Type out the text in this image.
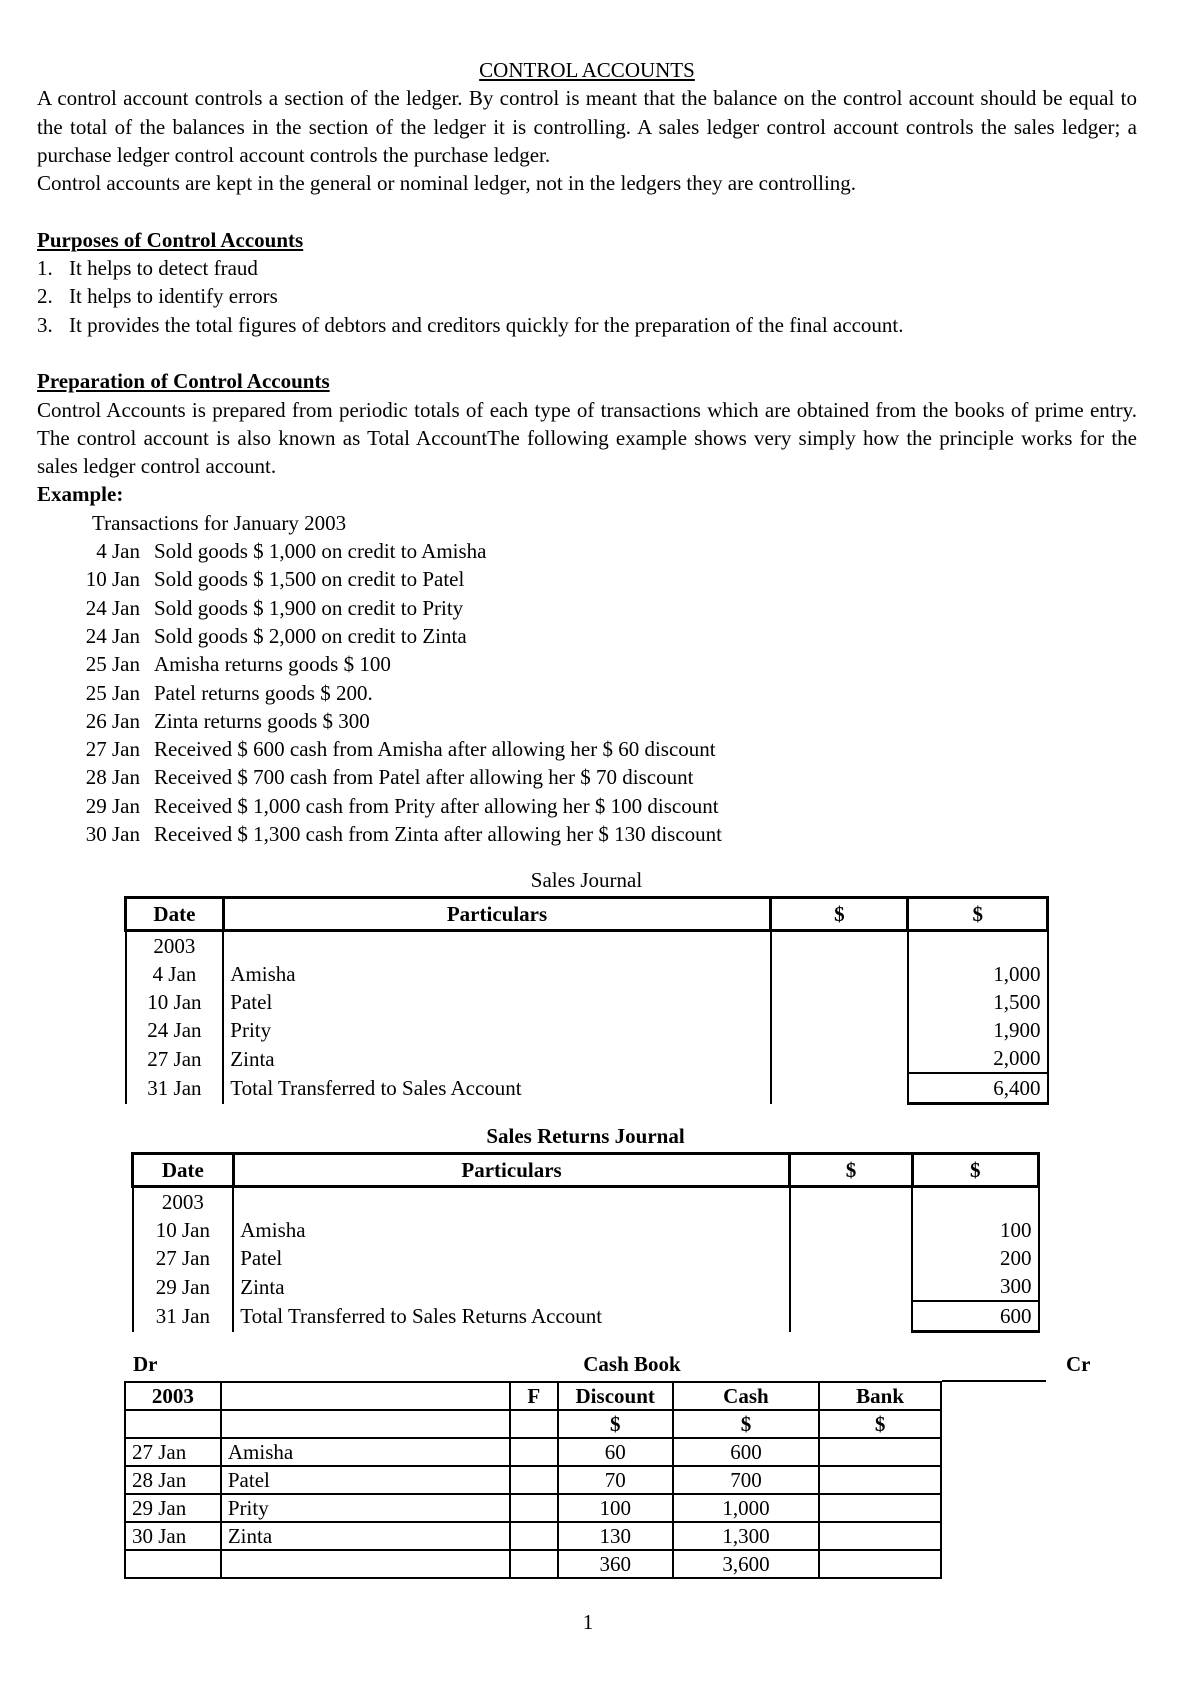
CONTROL ACCOUNTS
A control account controls a section of the ledger. By control is meant that the balance on the control account should be equal to the total of the balances in the section of the ledger it is controlling. A sales ledger control account controls the sales ledger; a purchase ledger control account controls the purchase ledger.
Control accounts are kept in the general or nominal ledger, not in the ledgers they are controlling.
Purposes of Control Accounts
1. It helps to detect fraud
2. It helps to identify errors
3. It provides the total figures of debtors and creditors quickly for the preparation of the final account.
Preparation of Control Accounts
Control Accounts is prepared from periodic totals of each type of transactions which are obtained from the books of prime entry. The control account is also known as Total AccountThe following example shows very simply how the principle works for the sales ledger control account.
Example:
Transactions for January 2003
4 Jan Sold goods $ 1,000 on credit to Amisha
10 Jan Sold goods $ 1,500 on credit to Patel
24 Jan Sold goods $ 1,900 on credit to Prity
24 Jan Sold goods $ 2,000 on credit to Zinta
25 Jan Amisha returns goods $ 100
25 Jan Patel returns goods $ 200.
26 Jan Zinta returns goods $ 300
27 Jan Received $ 600 cash from Amisha after allowing her $ 60 discount
28 Jan Received $ 700 cash from Patel after allowing her $ 70 discount
29 Jan Received $ 1,000 cash from Prity after allowing her $ 100 discount
30 Jan Received $ 1,300 cash from Zinta after allowing her $ 130 discount
Sales Journal
Date	Particulars	$	$
2003			
4 Jan	Amisha		1,000
10 Jan	Patel		1,500
24 Jan	Prity		1,900
27 Jan	Zinta		2,000
31 Jan	Total Transferred to Sales Account		6,400
Sales Returns Journal
Date	Particulars	$	$
2003			
10 Jan	Amisha		100
27 Jan	Patel		200
29 Jan	Zinta		300
31 Jan	Total Transferred to Sales Returns Account		600
Dr	Cash Book	Cr
2003		F	Discount	Cash	Bank
			$	$	$
27 Jan	Amisha		60	600	
28 Jan	Patel		70	700	
29 Jan	Prity		100	1,000	
30 Jan	Zinta		130	1,300	
			360	3,600	
1
